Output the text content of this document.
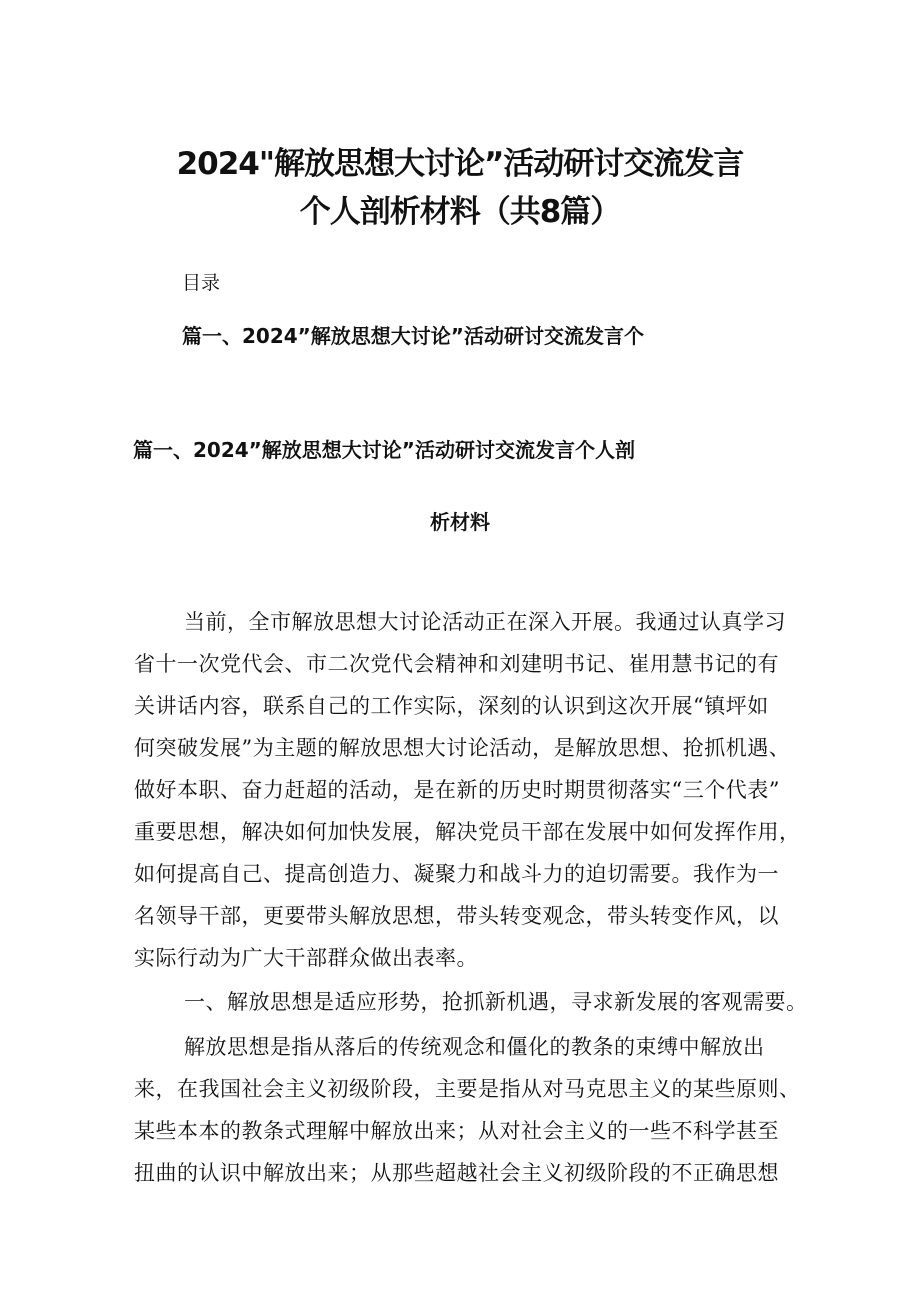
2024"解放思想大讨论”活动研讨交流发言
个人剖析材料（共8篇）
目录
篇一、2024”解放思想大讨论”活动研讨交流发言个
篇一、2024”解放思想大讨论”活动研讨交流发言个人剖
析材料
当前，全市解放思想大讨论活动正在深入开展。我通过认真学习
省十一次党代会、市二次党代会精神和刘建明书记、崔用慧书记的有
关讲话内容，联系自己的工作实际，深刻的认识到这次开展“镇坪如
何突破发展”为主题的解放思想大讨论活动，是解放思想、抢抓机遇、
做好本职、奋力赶超的活动，是在新的历史时期贯彻落实“三个代表”
重要思想，解决如何加快发展，解决党员干部在发展中如何发挥作用，
如何提高自己、提高创造力、凝聚力和战斗力的迫切需要。我作为一
名领导干部，更要带头解放思想，带头转变观念，带头转变作风，以
实际行动为广大干部群众做出表率。
一、解放思想是适应形势，抢抓新机遇，寻求新发展的客观需要。
解放思想是指从落后的传统观念和僵化的教条的束缚中解放出
来，在我国社会主义初级阶段，主要是指从对马克思主义的某些原则、
某些本本的教条式理解中解放出来；从对社会主义的一些不科学甚至
扭曲的认识中解放出来；从那些超越社会主义初级阶段的不正确思想
